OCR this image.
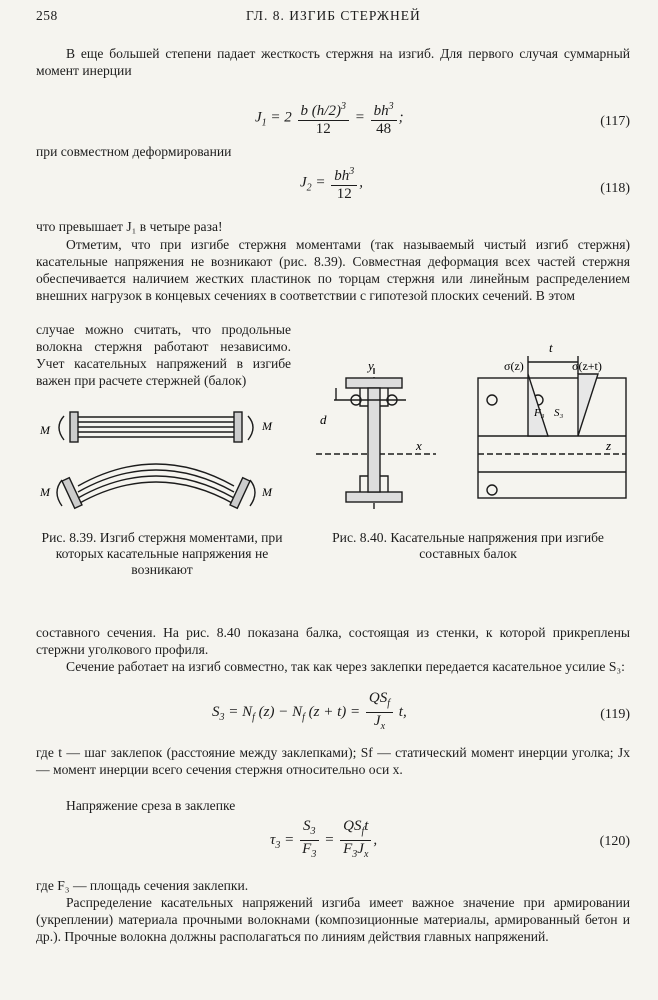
258	ГЛ. 8. ИЗГИБ СТЕРЖНЕЙ
В еще большей степени падает жесткость стержня на изгиб. Для первого случая суммарный момент инерции
$J_1 = 2 \frac{b (h/2)^3}{12} = \frac{bh^3}{48}$ ;	(117)
при совместном деформировании
$J_2 = \frac{bh^3}{12}$ ,	(118)
что превышает J₁ в четыре раза!
Отметим, что при изгибе стержня моментами (так называемый чистый изгиб стержня) касательные напряжения не возникают (рис. 8.39). Совместная деформация всех частей стержня обеспечивается наличием жестких пластинок по торцам стержня или линейным распределением внешних нагрузок в концевых сечениях в соответствии с гипотезой плоских сечений. В этом
случае можно считать, что продольные волокна стержня работают независимо. Учет касательных напряжений в изгибе важен при расчете стержней (балок)
M	M
M	M
y
d
x
t
σ(z)	σ(z+t)
F₃ S₃
z
Рис. 8.39. Изгиб стержня моментами, при которых касательные напряжения не возникают
Рис. 8.40. Касательные напряжения при изгибе составных балок
составного сечения. На рис. 8.40 показана балка, состоящая из стенки, к которой прикреплены стержни уголкового профиля.
Сечение работает на изгиб совместно, так как через заклепки передается касательное усилие S₃:
$S_3 = N_f$ $(z) - N_f$ $(z + t) = \frac{QS_f}{J_x} t$,	(119)
где t — шаг заклепок (расстояние между заклепками); Sf — статический момент инерции уголка; Jx — момент инерции всего сечения стержня относительно оси x.
Напряжение среза в заклепке
$\tau_3 = \frac{S_3}{F_3} = \frac{QS_ft}{F_3J_x}$ ,	(120)
где F₃ — площадь сечения заклепки.
Распределение касательных напряжений изгиба имеет важное значение при армировании (укреплении) материала прочными волокнами (композиционные материалы, армированный бетон и др.). Прочные волокна должны располагаться по линиям действия главных напряжений.
